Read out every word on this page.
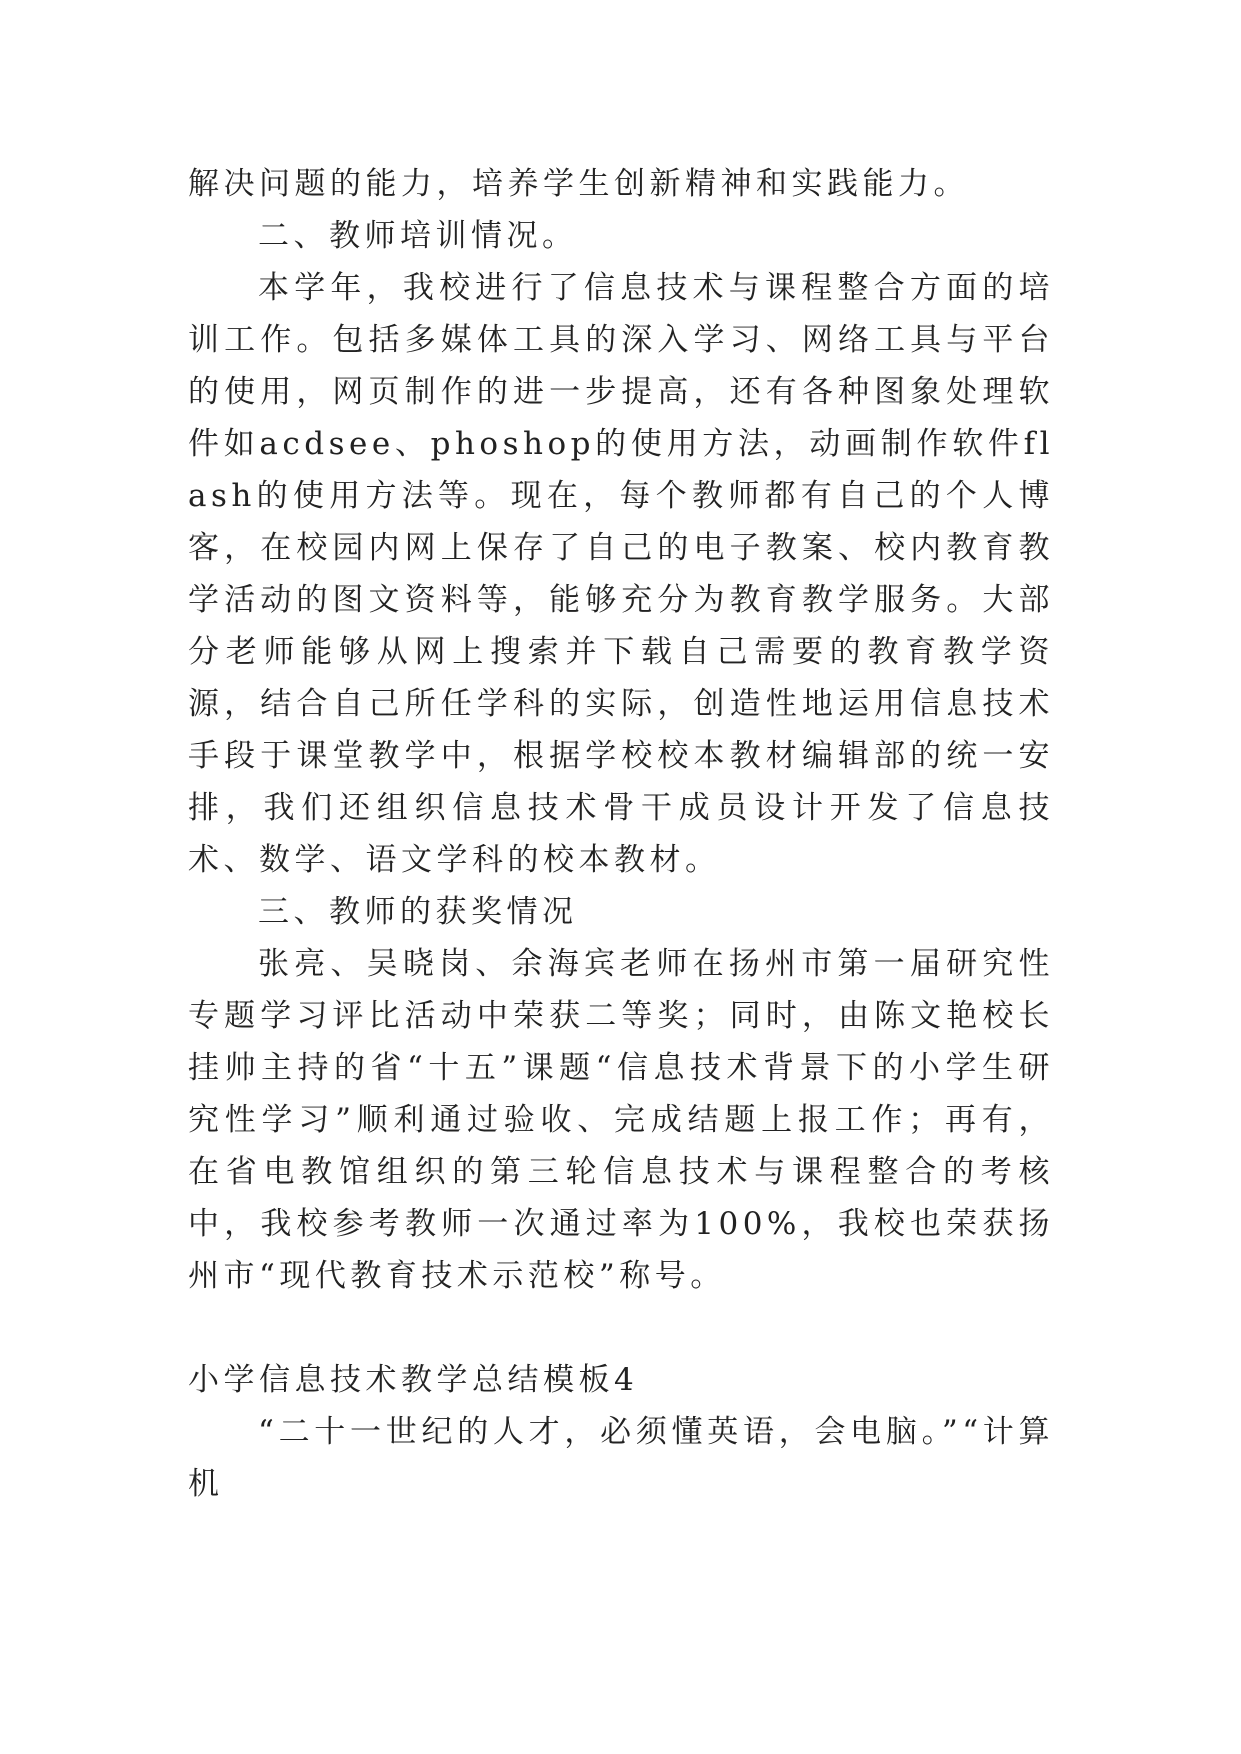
解决问题的能力，培养学生创新精神和实践能力。

二、教师培训情况。

本学年，我校进行了信息技术与课程整合方面的培训工作。包括多媒体工具的深入学习、网络工具与平台的使用，网页制作的进一步提高，还有各种图象处理软件如acdsee、phoshop的使用方法，动画制作软件flash的使用方法等。现在，每个教师都有自己的个人博客，在校园内网上保存了自己的电子教案、校内教育教学活动的图文资料等，能够充分为教育教学服务。大部分老师能够从网上搜索并下载自己需要的教育教学资源，结合自己所任学科的实际，创造性地运用信息技术手段于课堂教学中，根据学校校本教材编辑部的统一安排，我们还组织信息技术骨干成员设计开发了信息技术、数学、语文学科的校本教材。

三、教师的获奖情况

张亮、吴晓岗、余海宾老师在扬州市第一届研究性专题学习评比活动中荣获二等奖；同时，由陈文艳校长挂帅主持的省“十五”课题“信息技术背景下的小学生研究性学习”顺利通过验收、完成结题上报工作；再有，在省电教馆组织的第三轮信息技术与课程整合的考核中，我校参考教师一次通过率为100%，我校也荣获扬州市“现代教育技术示范校”称号。

小学信息技术教学总结模板4

“二十一世纪的人才，必须懂英语，会电脑。”“计算机
